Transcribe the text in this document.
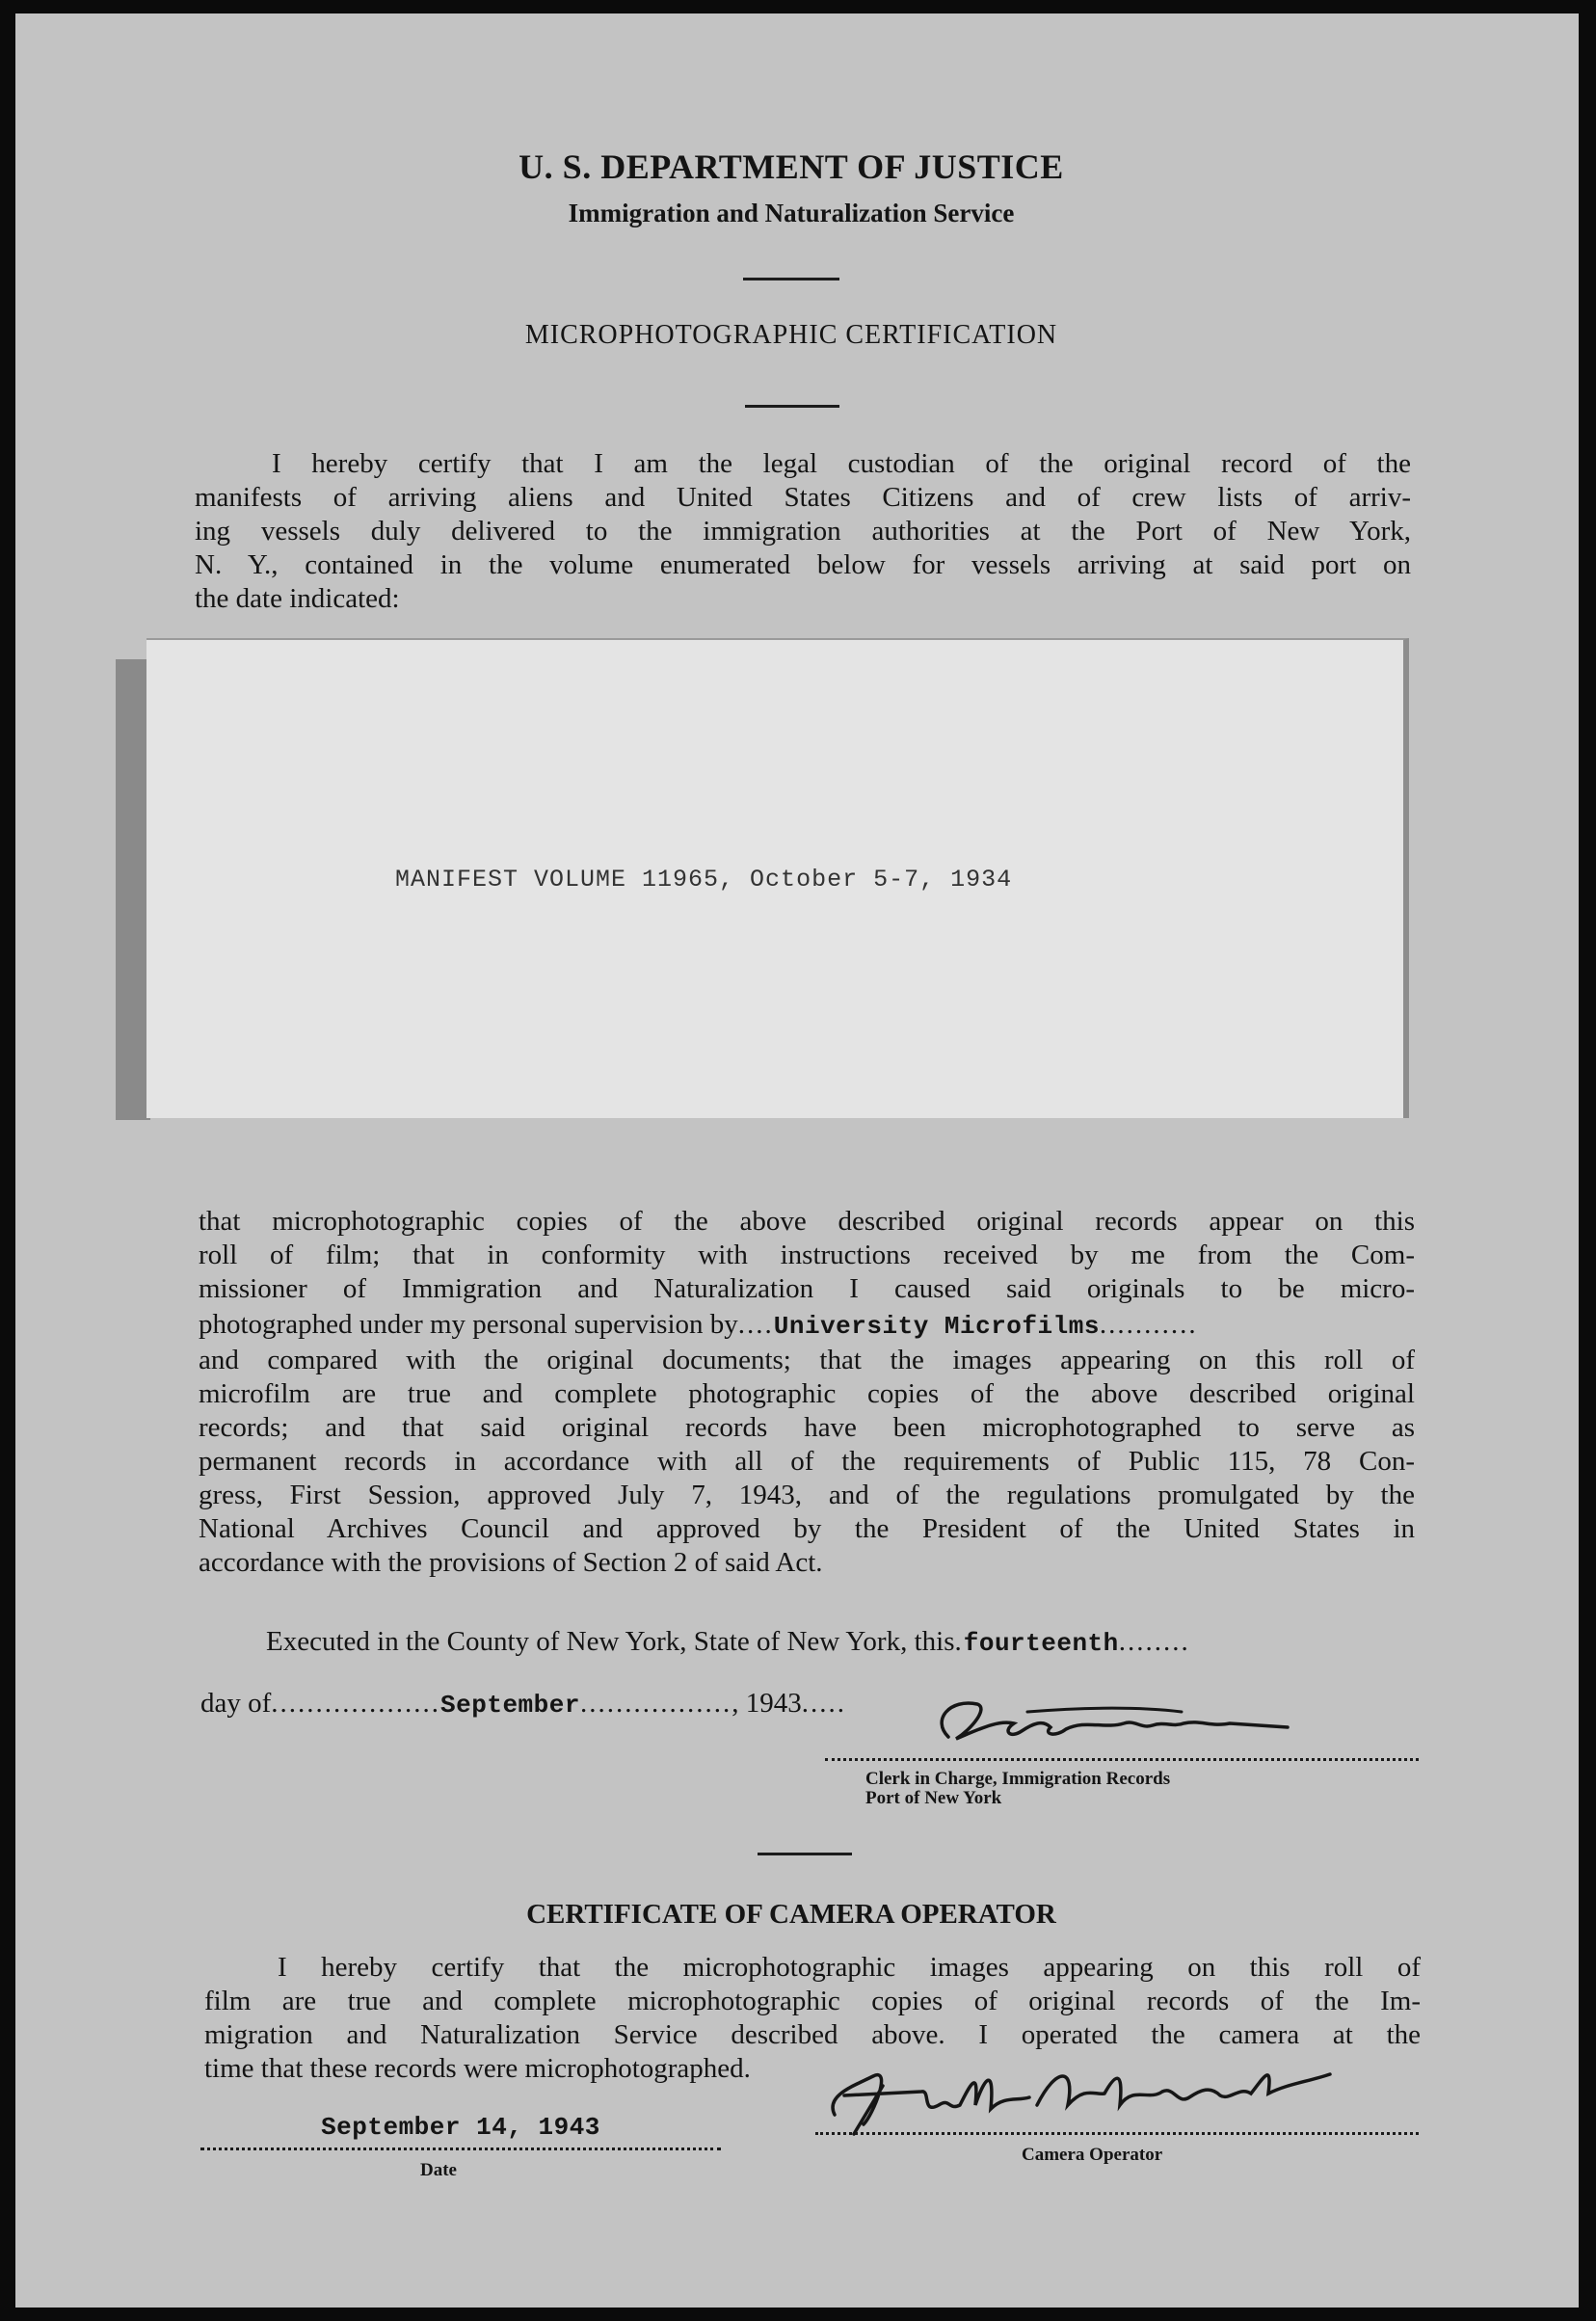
U. S. DEPARTMENT OF JUSTICE
Immigration and Naturalization Service
MICROPHOTOGRAPHIC CERTIFICATION
I hereby certify that I am the legal custodian of the original record of the
manifests of arriving aliens and United States Citizens and of crew lists of arriv-
ing vessels duly delivered to the immigration authorities at the Port of New York,
N. Y., contained in the volume enumerated below for vessels arriving at said port on
the date indicated:
MANIFEST VOLUME 11965, October 5-7, 1934
that microphotographic copies of the above described original records appear on this
roll of film; that in conformity with instructions received by me from the Com-
missioner of Immigration and Naturalization I caused said originals to be micro-
photographed under my personal supervision by....University Microfilms...........
and compared with the original documents; that the images appearing on this roll of
microfilm are true and complete photographic copies of the above described original
records; and that said original records have been microphotographed to serve as
permanent records in accordance with all of the requirements of Public 115, 78 Con-
gress, First Session, approved July 7, 1943, and of the regulations promulgated by the
National Archives Council and approved by the President of the United States in
accordance with the provisions of Section 2 of said Act.
Executed in the County of New York, State of New York, this.fourteenth........
day of...................September................., 1943.....
Clerk in Charge, Immigration Records
Port of New York
CERTIFICATE OF CAMERA OPERATOR
I hereby certify that the microphotographic images appearing on this roll of
film are true and complete microphotographic copies of original records of the Im-
migration and Naturalization Service described above. I operated the camera at the
time that these records were microphotographed.
Camera Operator
September 14, 1943
Date
